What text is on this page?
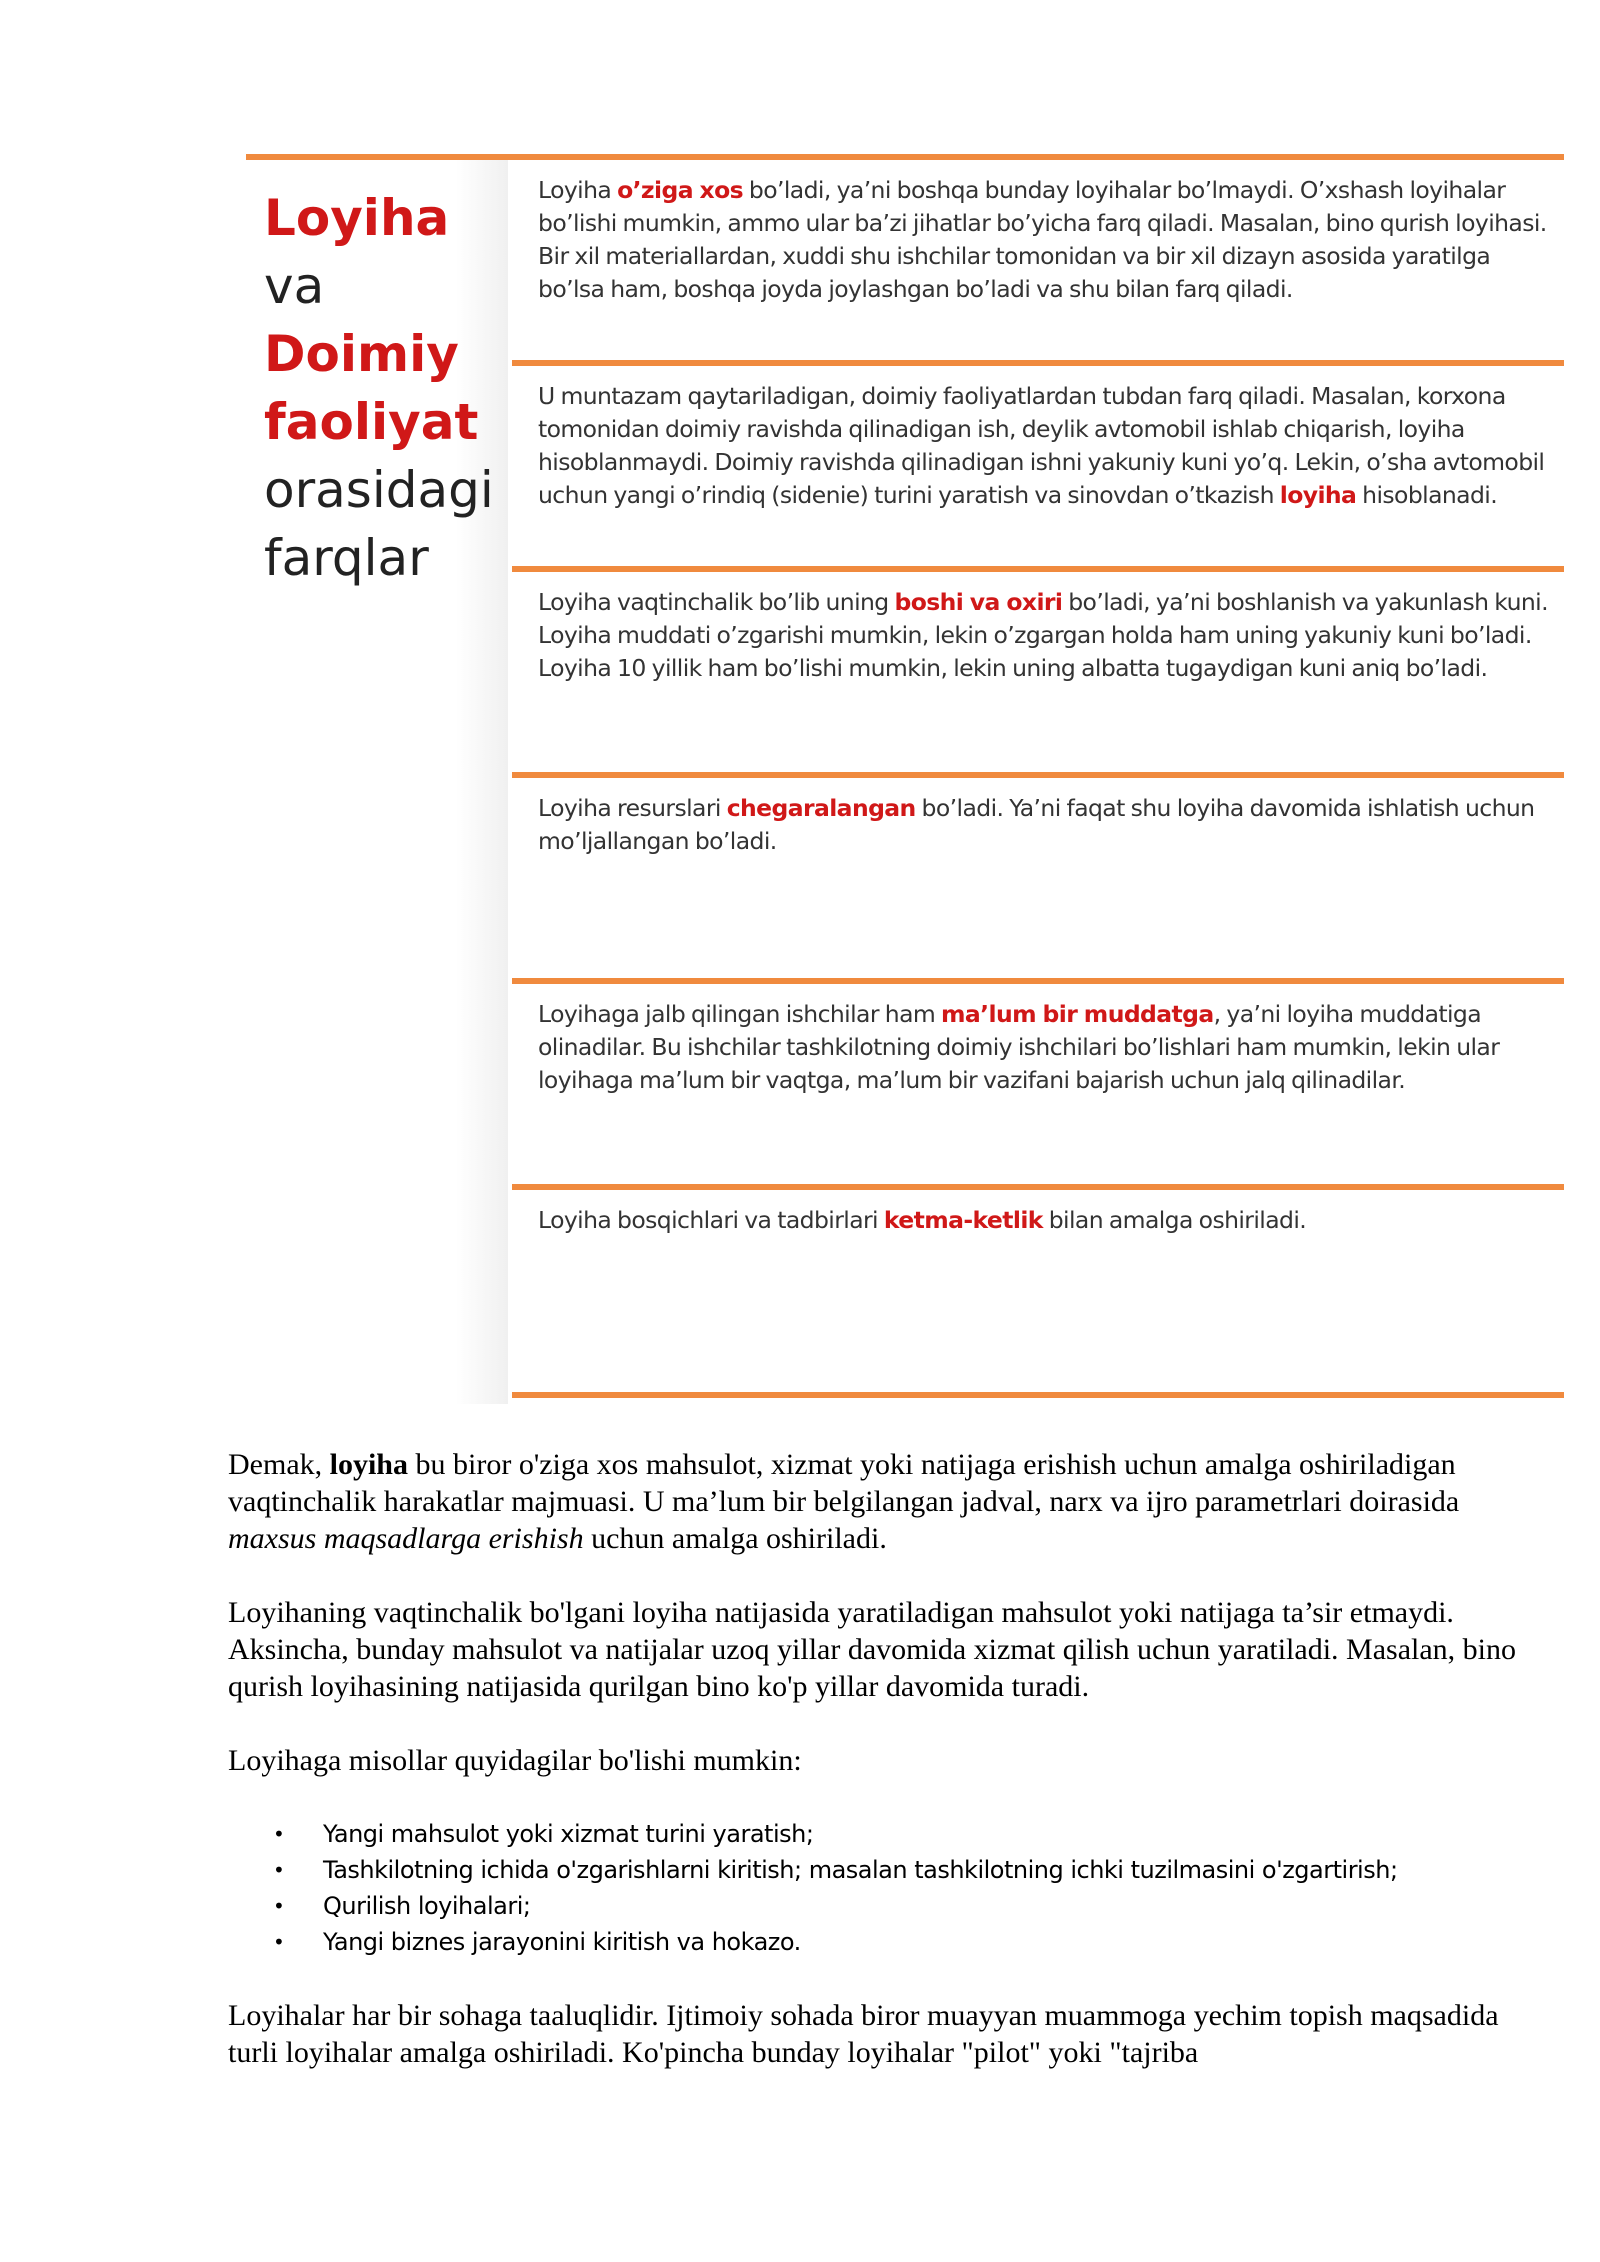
Loyiha
va
Doimiy
faoliyat
orasidagi
farqlar
Loyiha o’ziga xos bo’ladi, ya’ni boshqa bunday loyihalar bo’lmaydi. O’xshash loyihalar bo’lishi mumkin, ammo ular ba’zi jihatlar bo’yicha farq qiladi. Masalan, bino qurish loyihasi. Bir xil materiallardan, xuddi shu ishchilar tomonidan va bir xil dizayn asosida yaratilga bo’lsa ham, boshqa joyda joylashgan bo’ladi va shu bilan farq qiladi.
U muntazam qaytariladigan, doimiy faoliyatlardan tubdan farq qiladi. Masalan, korxona tomonidan doimiy ravishda qilinadigan ish, deylik avtomobil ishlab chiqarish, loyiha hisoblanmaydi. Doimiy ravishda qilinadigan ishni yakuniy kuni yo’q. Lekin, o’sha avtomobil uchun yangi o’rindiq (sidenie) turini yaratish va sinovdan o’tkazish loyiha hisoblanadi.
Loyiha vaqtinchalik bo’lib uning boshi va oxiri bo’ladi, ya’ni boshlanish va yakunlash kuni. Loyiha muddati o’zgarishi mumkin, lekin o’zgargan holda ham uning yakuniy kuni bo’ladi. Loyiha 10 yillik ham bo’lishi mumkin, lekin uning albatta tugaydigan kuni aniq bo’ladi.
Loyiha resurslari chegaralangan bo’ladi. Ya’ni faqat shu loyiha davomida ishlatish uchun mo’ljallangan bo’ladi.
Loyihaga jalb qilingan ishchilar ham ma’lum bir muddatga, ya’ni loyiha muddatiga olinadilar. Bu ishchilar tashkilotning doimiy ishchilari bo’lishlari ham mumkin, lekin ular loyihaga ma’lum bir vaqtga, ma’lum bir vazifani bajarish uchun jalq qilinadilar.
Loyiha bosqichlari va tadbirlari ketma-ketlik bilan amalga oshiriladi.

Demak, loyiha bu biror o'ziga xos mahsulot, xizmat yoki natijaga erishish uchun amalga oshiriladigan vaqtinchalik harakatlar majmuasi. U ma’lum bir belgilangan jadval, narx va ijro parametrlari doirasida maxsus maqsadlarga erishish uchun amalga oshiriladi.

Loyihaning vaqtinchalik bo'lgani loyiha natijasida yaratiladigan mahsulot yoki natijaga ta’sir etmaydi. Aksincha, bunday mahsulot va natijalar uzoq yillar davomida xizmat qilish uchun yaratiladi. Masalan, bino qurish loyihasining natijasida qurilgan bino ko'p yillar davomida turadi.

Loyihaga misollar quyidagilar bo'lishi mumkin:

• Yangi mahsulot yoki xizmat turini yaratish;
• Tashkilotning ichida o'zgarishlarni kiritish; masalan tashkilotning ichki tuzilmasini o'zgartirish;
• Qurilish loyihalari;
• Yangi biznes jarayonini kiritish va hokazo.

Loyihalar har bir sohaga taaluqlidir. Ijtimoiy sohada biror muayyan muammoga yechim topish maqsadida turli loyihalar amalga oshiriladi. Ko'pincha bunday loyihalar "pilot" yoki "tajriba
